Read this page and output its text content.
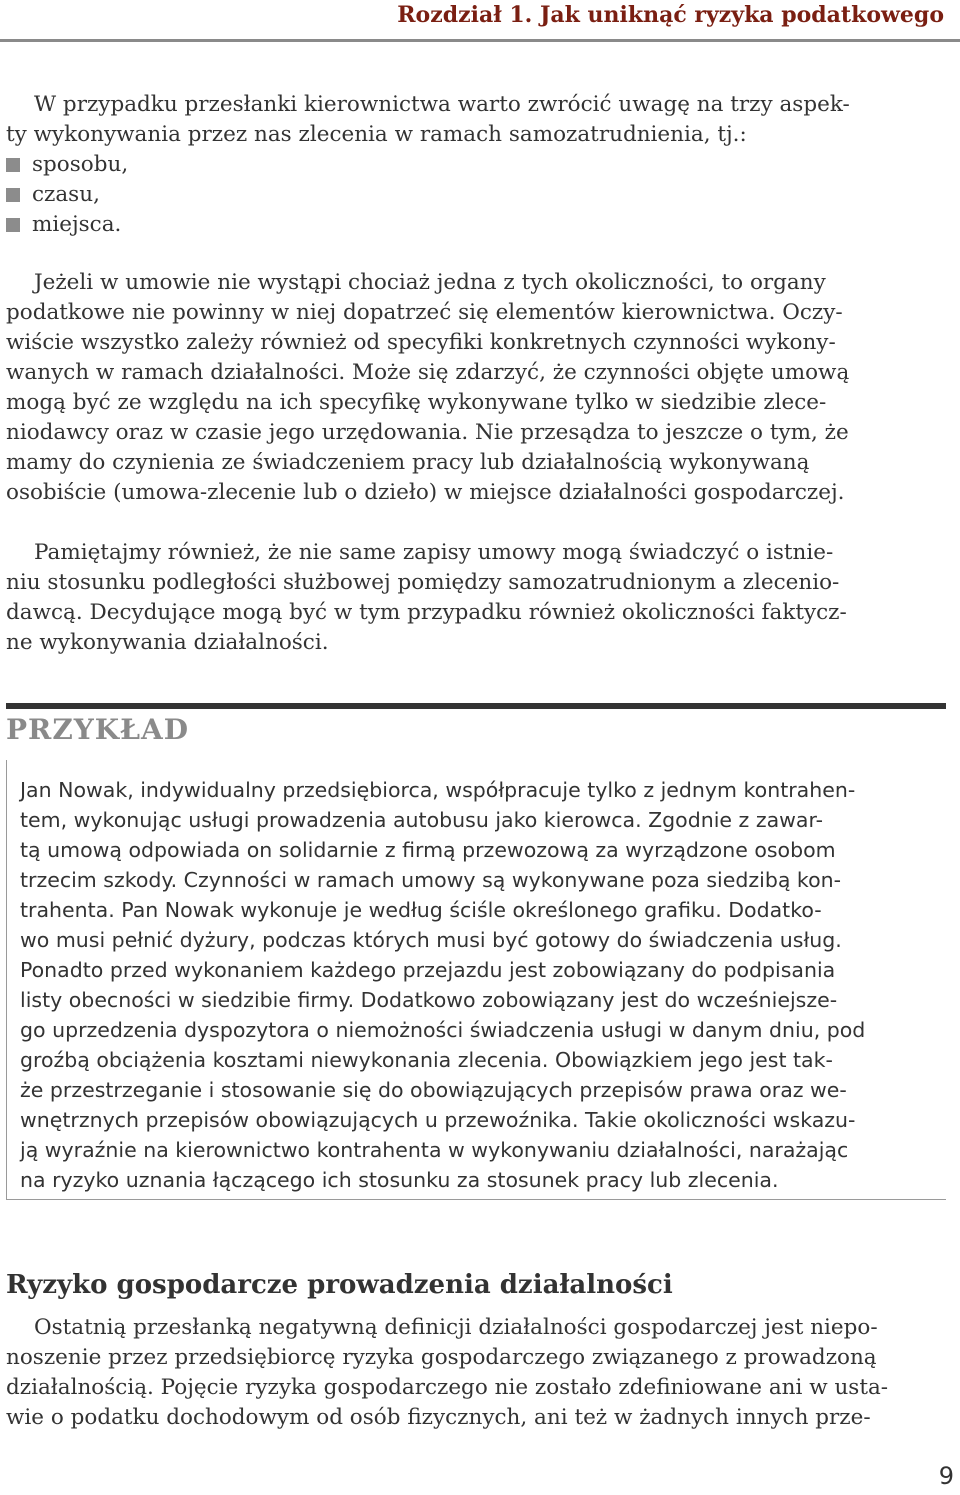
Rozdział 1. Jak uniknąć ryzyka podatkowego
W przypadku przesłanki kierownictwa warto zwrócić uwagę na trzy aspek-
ty wykonywania przez nas zlecenia w ramach samozatrudnienia, tj.:
sposobu,
czasu,
miejsca.
Jeżeli w umowie nie wystąpi chociaż jedna z tych okoliczności, to organy
podatkowe nie powinny w niej dopatrzeć się elementów kierownictwa. Oczy-
wiście wszystko zależy również od specyfiki konkretnych czynności wykony-
wanych w ramach działalności. Może się zdarzyć, że czynności objęte umową
mogą być ze względu na ich specyfikę wykonywane tylko w siedzibie zlece-
niodawcy oraz w czasie jego urzędowania. Nie przesądza to jeszcze o tym, że
mamy do czynienia ze świadczeniem pracy lub działalnością wykonywaną
osobiście (umowa-zlecenie lub o dzieło) w miejsce działalności gospodarczej.
Pamiętajmy również, że nie same zapisy umowy mogą świadczyć o istnie-
niu stosunku podległości służbowej pomiędzy samozatrudnionym a zlecenio-
dawcą. Decydujące mogą być w tym przypadku również okoliczności faktycz-
ne wykonywania działalności.
PRZYKŁAD
Jan Nowak, indywidualny przedsiębiorca, współpracuje tylko z jednym kontrahen-
tem, wykonując usługi prowadzenia autobusu jako kierowca. Zgodnie z zawar-
tą umową odpowiada on solidarnie z firmą przewozową za wyrządzone osobom
trzecim szkody. Czynności w ramach umowy są wykonywane poza siedzibą kon-
trahenta. Pan Nowak wykonuje je według ściśle określonego grafiku. Dodatko-
wo musi pełnić dyżury, podczas których musi być gotowy do świadczenia usług.
Ponadto przed wykonaniem każdego przejazdu jest zobowiązany do podpisania
listy obecności w siedzibie firmy. Dodatkowo zobowiązany jest do wcześniejsze-
go uprzedzenia dyspozytora o niemożności świadczenia usługi w danym dniu, pod
groźbą obciążenia kosztami niewykonania zlecenia. Obowiązkiem jego jest tak-
że przestrzeganie i stosowanie się do obowiązujących przepisów prawa oraz we-
wnętrznych przepisów obowiązujących u przewoźnika. Takie okoliczności wskazu-
ją wyraźnie na kierownictwo kontrahenta w wykonywaniu działalności, narażając
na ryzyko uznania łączącego ich stosunku za stosunek pracy lub zlecenia.
Ryzyko gospodarcze prowadzenia działalności
Ostatnią przesłanką negatywną definicji działalności gospodarczej jest niepo-
noszenie przez przedsiębiorcę ryzyka gospodarczego związanego z prowadzoną
działalnością. Pojęcie ryzyka gospodarczego nie zostało zdefiniowane ani w usta-
wie o podatku dochodowym od osób fizycznych, ani też w żadnych innych prze-
9
